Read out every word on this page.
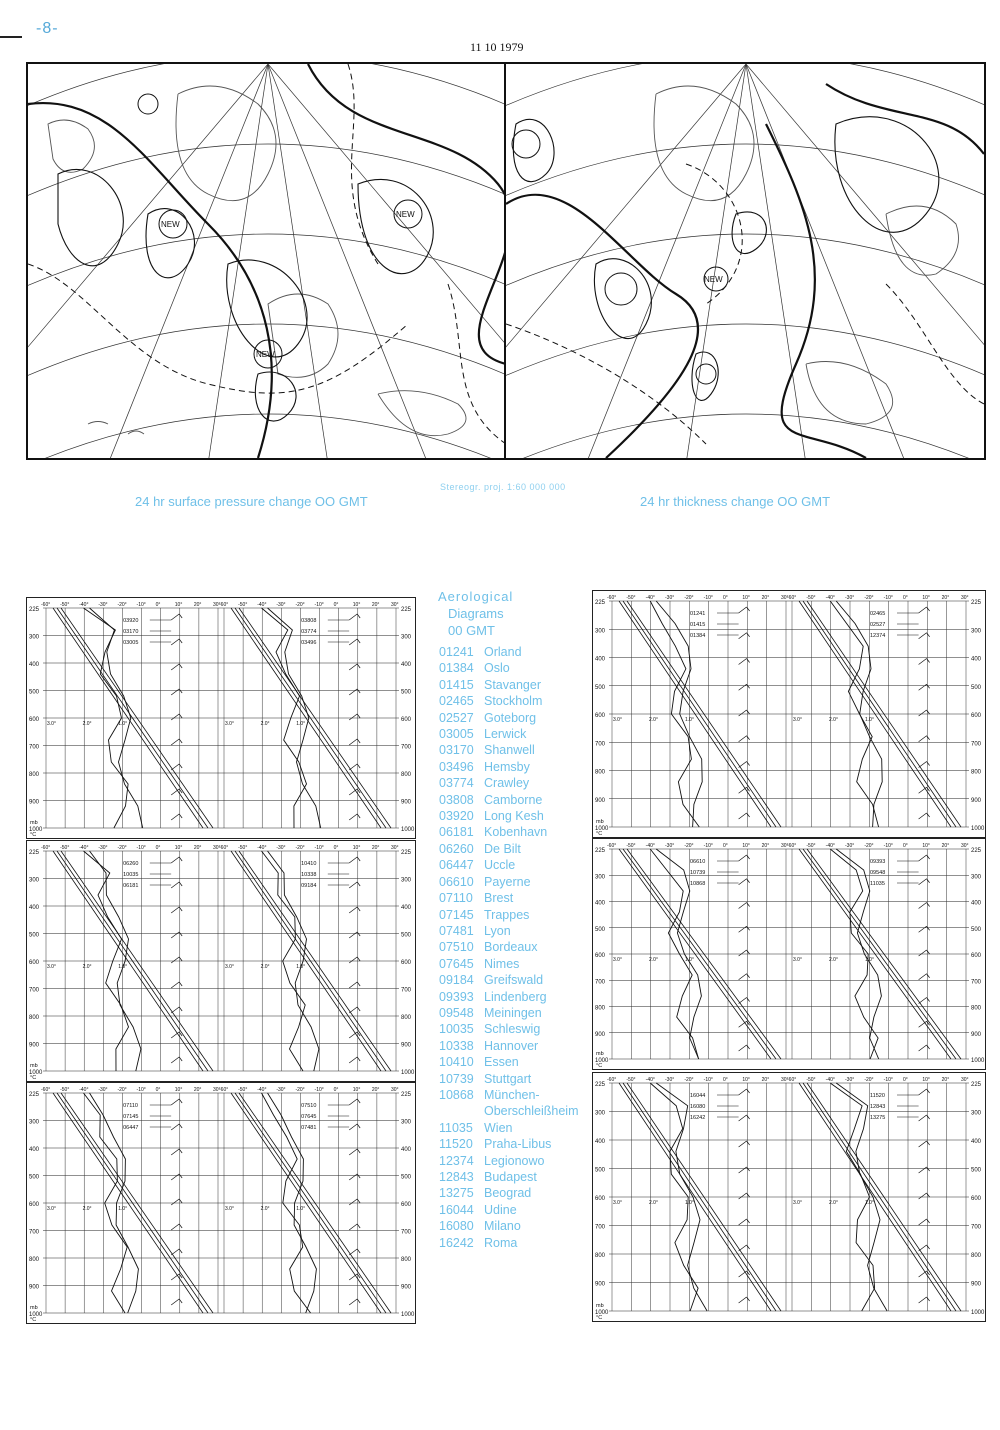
-8-
11 10 1979
NEW
NEW
NEW
NEW
24 hr surface pressure change OO GMT
Stereogr. proj. 1:60 000 000
24 hr thickness change OO GMT
Aerological
Diagrams
00 GMT
01241 Orland
01384 Oslo
01415 Stavanger
02465 Stockholm
02527 Goteborg
03005 Lerwick
03170 Shanwell
03496 Hemsby
03774 Crawley
03808 Camborne
03920 Long Kesh
06181 Kobenhavn
06260 De Bilt
06447 Uccle
06610 Payerne
07110 Brest
07145 Trappes
07481 Lyon
07510 Bordeaux
07645 Nimes
09184 Greifswald
09393 Lindenberg
09548 Meiningen
10035 Schleswig
10338 Hannover
10410 Essen
10739 Stuttgart
10868 München-Oberschleißheim
11035 Wien
11520 Praha-Libus
12374 Legionowo
12843 Budapest
13275 Beograd
16044 Udine
16080 Milano
16242 Roma
225	225
300	300
400	400
500	500
600	600
700	700
800	800
900	900
1000	1000
-60° -50° -40° -30° -20° -10° 0°	10° 20° 30°
03920
03170
03005
3.0°	2.0°	1.0°
-60° -50° -40° -30° -20° -10° 0°	10° 20° 30°
03808
03774
03496
3.0°	2.0°	1.0°
mb
°C
225	225
300	300
400	400
500	500
600	600
700	700
800	800
900	900
1000	1000
-60° -50° -40° -30° -20° -10° 0°	10° 20° 30°
06260
10035
06181
3.0°	2.0°	1.0°
-60° -50° -40° -30° -20° -10° 0°	10° 20° 30°
10410
10338
09184
3.0°	2.0°	1.0°
mb
°C
225	225
300	300
400	400
500	500
600	600
700	700
800	800
900	900
1000	1000
-60° -50° -40° -30° -20° -10° 0°	10° 20° 30°
07110
07145
06447
3.0°	2.0°	1.0°
-60° -50° -40° -30° -20° -10° 0°	10° 20° 30°
07510
07645
07481
3.0°	2.0°	1.0°
mb
°C
225	225
300	300
400	400
500	500
600	600
700	700
800	800
900	900
1000	1000
-60° -50° -40° -30° -20° -10° 0°	10° 20° 30°
01241
01415
01384
3.0°	2.0°	1.0°
-60° -50° -40° -30° -20° -10° 0°	10° 20° 30°
02465
02527
12374
3.0°	2.0°	1.0°
mb
°C
225	225
300	300
400	400
500	500
600	600
700	700
800	800
900	900
1000	1000
-60° -50° -40° -30° -20° -10° 0°	10° 20° 30°
06610
10739
10868
3.0°	2.0°	1.0°
-60° -50° -40° -30° -20° -10° 0°	10° 20° 30°
09393
09548
11035
3.0°	2.0°	1.0°
mb
°C
225	225
300	300
400	400
500	500
600	600
700	700
800	800
900	900
1000	1000
-60° -50° -40° -30° -20° -10° 0°	10° 20° 30°
16044
16080
16242
3.0°	2.0°	1.0°
-60° -50° -40° -30° -20° -10° 0°	10° 20° 30°
11520
12843
13275
3.0°	2.0°	1.0°
mb
°C
